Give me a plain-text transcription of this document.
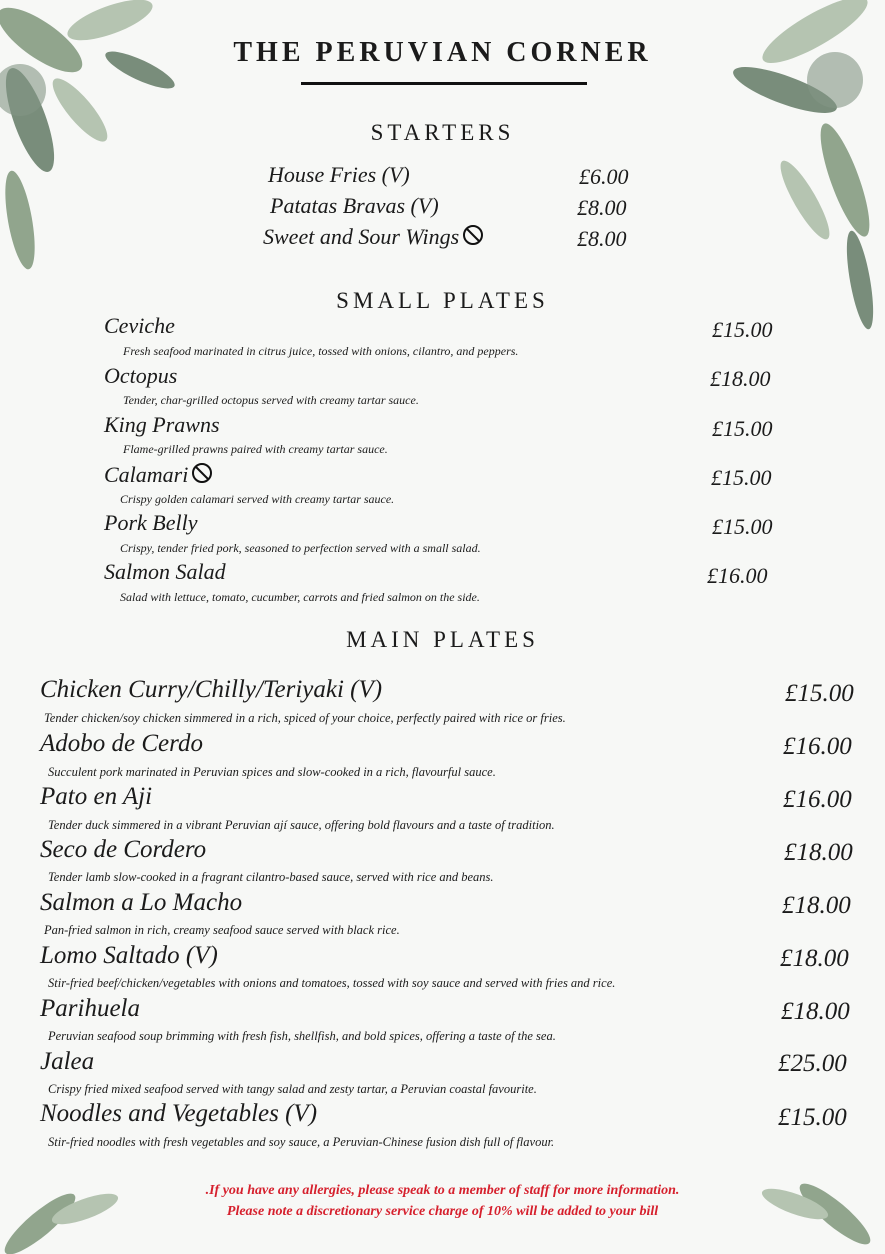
THE PERUVIAN CORNER
STARTERS
House Fries (V)	£6.00
Patatas Bravas (V)	£8.00
Sweet and Sour Wings	£8.00
SMALL PLATES
Ceviche	£15.00
Fresh seafood marinated in citrus juice, tossed with onions, cilantro, and peppers.
Octopus	£18.00
Tender, char-grilled octopus served with creamy tartar sauce.
King Prawns	£15.00
Flame-grilled prawns paired with creamy tartar sauce.
Calamari	£15.00
Crispy golden calamari served with creamy tartar sauce.
Pork Belly	£15.00
Crispy, tender fried pork, seasoned to perfection served with a small salad.
Salmon Salad	£16.00
Salad with lettuce, tomato, cucumber, carrots and fried salmon on the side.
MAIN PLATES
Chicken Curry/Chilly/Teriyaki (V)	£15.00
Tender chicken/soy chicken simmered in a rich, spiced of your choice, perfectly paired with rice or fries.
Adobo de Cerdo	£16.00
Succulent pork marinated in Peruvian spices and slow-cooked in a rich, flavourful sauce.
Pato en Aji	£16.00
Tender duck simmered in a vibrant Peruvian ají sauce, offering bold flavours and a taste of tradition.
Seco de Cordero	£18.00
Tender lamb slow-cooked in a fragrant cilantro-based sauce, served with rice and beans.
Salmon a Lo Macho	£18.00
Pan-fried salmon in rich, creamy seafood sauce served with black rice.
Lomo Saltado (V)	£18.00
Stir-fried beef/chicken/vegetables with onions and tomatoes, tossed with soy sauce and served with fries and rice.
Parihuela	£18.00
Peruvian seafood soup brimming with fresh fish, shellfish, and bold spices, offering a taste of the sea.
Jalea	£25.00
Crispy fried mixed seafood served with tangy salad and zesty tartar, a Peruvian coastal favourite.
Noodles and Vegetables (V)	£15.00
Stir-fried noodles with fresh vegetables and soy sauce, a Peruvian-Chinese fusion dish full of flavour.
.If you have any allergies, please speak to a member of staff for more information.
Please note a discretionary service charge of 10% will be added to your bill
